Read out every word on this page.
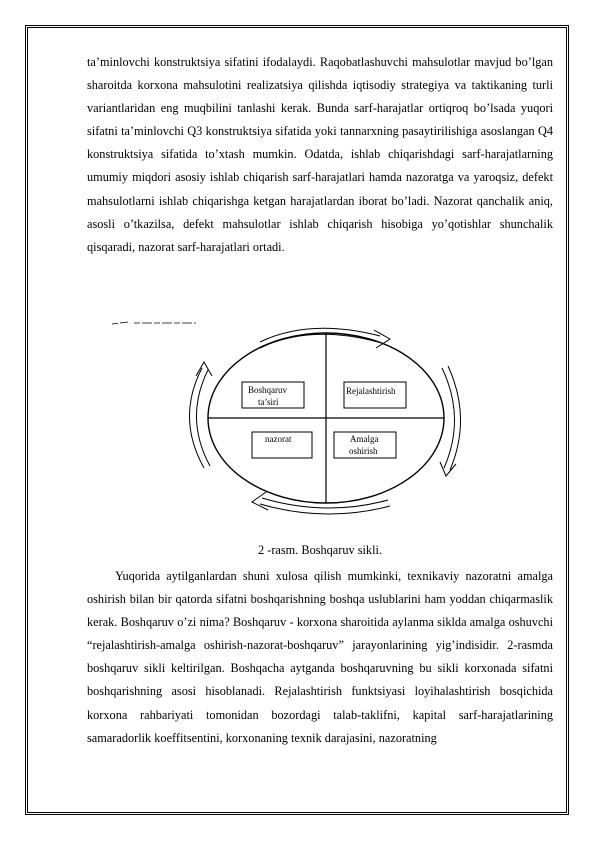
ta’minlovchi konstruktsiya sifatini ifodalaydi. Raqobatlashuvchi mahsulotlar mavjud bo’lgan sharoitda korxona mahsulotini realizatsiya qilishda iqtisodiy strategiya va taktikaning turli variantlaridan eng muqbilini tanlashi kerak. Bunda sarf-harajatlar ortiqroq bo’lsada yuqori sifatni ta’minlovchi Q3 konstruktsiya sifatida yoki tannarxning pasaytirilishiga asoslangan Q4 konstruktsiya sifatida to’xtash mumkin. Odatda, ishlab chiqarishdagi sarf-harajatlarning umumiy miqdori asosiy ishlab chiqarish sarf-harajatlari hamda nazoratga va yaroqsiz, defekt mahsulotlarni ishlab chiqarishga ketgan harajatlardan iborat bo’ladi. Nazorat qanchalik aniq, asosli o’tkazilsa, defekt mahsulotlar ishlab chiqarish hisobiga yo’qotishlar shunchalik qisqaradi, nazorat sarf-harajatlari ortadi.
Boshqaruv
ta’siri
Rejalashtirish
nazorat	Amalga
oshirish
2 -rasm. Boshqaruv sikli.
Yuqorida aytilganlardan shuni xulosa qilish mumkinki, texnikaviy nazoratni amalga oshirish bilan bir qatorda sifatni boshqarishning boshqa uslublarini ham yoddan chiqarmaslik kerak. Boshqaruv o’zi nima? Boshqaruv - korxona sharoitida aylanma siklda amalga oshuvchi “rejalashtirish-amalga oshirish-nazorat-boshqaruv” jarayonlarining yig’indisidir. 2-rasmda boshqaruv sikli keltirilgan. Boshqacha aytganda boshqaruvning bu sikli korxonada sifatni boshqarishning asosi hisoblanadi. Rejalashtirish funktsiyasi loyihalashtirish bosqichida korxona rahbariyati tomonidan bozordagi talab-taklifni, kapital sarf-harajatlarining samaradorlik koeffitsentini, korxonaning texnik darajasini, nazoratning
